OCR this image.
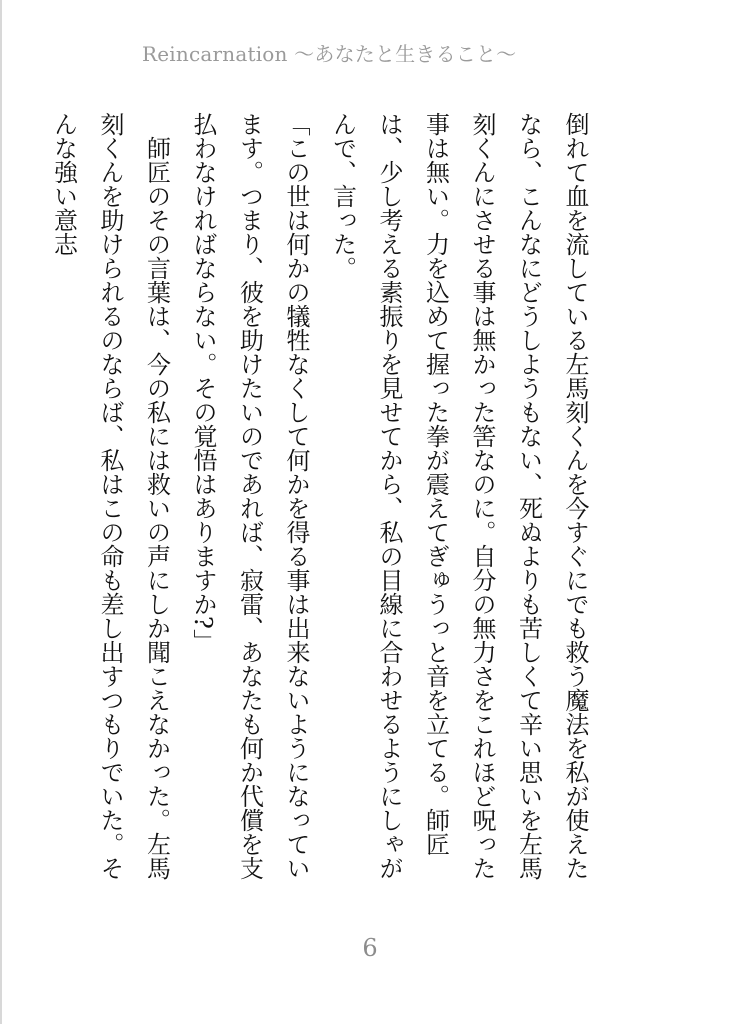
Reincarnation 〜あなたと生きること〜

倒れて血を流している左馬刻くんを今すぐにでも救う魔法を私が使えたなら、こんなにどうしようもない、死ぬよりも苦しくて辛い思いを左馬刻くんにさせる事は無かった筈なのに。自分の無力さをこれほど呪った事は無い。力を込めて握った拳が震えてぎゅうっと音を立てる。師匠は、少し考える素振りを見せてから、私の目線に合わせるようにしゃがんで、言った。

「この世は何かの犠牲なくして何かを得る事は出来ないようになっています。つまり、彼を助けたいのであれば、寂雷、あなたも何か代償を支払わなければならない。その覚悟はありますか?」

　師匠のその言葉は、今の私には救いの声にしか聞こえなかった。左馬刻くんを助けられるのならば、私はこの命も差し出すつもりでいた。そんな強い意志

6
